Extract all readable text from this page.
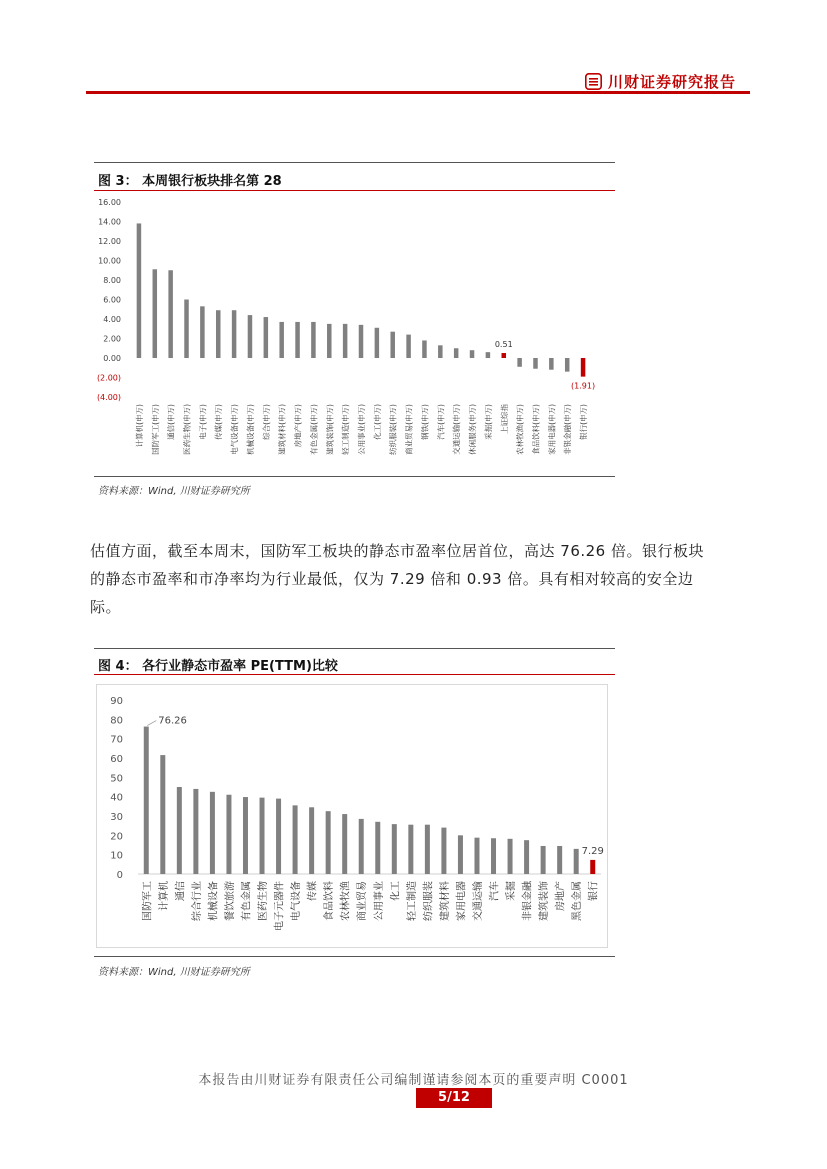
川财证券研究报告
图 3： 本周银行板块排名第 28
16.00
14.00
12.00
10.00
8.00
6.00
4.00
2.00
0.00
(2.00)
(4.00)
计算机(申万) 国防军工(申万) 通信(申万) 医药生物(申万) 电子(申万) 传媒(申万) 电气设备(申万) 机械设备(申万) 综合(申万) 建筑材料(申万) 房地产(申万) 有色金属(申万) 建筑装饰(申万) 轻工制造(申万) 公用事业(申万) 化工(申万) 纺织服装(申万) 商业贸易(申万) 钢铁(申万) 汽车(申万) 交通运输(申万) 休闲服务(申万) 采掘(申万) 上证综指
0.51
农林牧渔(申万) 食品饮料(申万) 家用电器(申万) 非银金融(申万) 银行(申万)
(1.91)
资料来源：Wind, 川财证券研究所

估值方面，截至本周末，国防军工板块的静态市盈率位居首位，高达 76.26 倍。银行板块

的静态市盈率和市净率均为行业最低，仅为 7.29 倍和 0.93 倍。具有相对较高的安全边

际。

图 4： 各行业静态市盈率 PE(TTM)比较
0
10
20
30
40
50
60
70
80
90
国防军工
76.26
计算机 通信 综合行业 机械设备 餐饮旅游 有色金属 医药生物 电子元器件 电气设备 传媒 食品饮料 农林牧渔 商业贸易 公用事业 化工 轻工制造 纺织服装 建筑材料 家用电器 交通运输 汽车 采掘 非银金融 建筑装饰 房地产 黑色金属 银行
7.29
资料来源：Wind, 川财证券研究所
本报告由川财证券有限责任公司编制谨请参阅本页的重要声明 C0001
5/12
